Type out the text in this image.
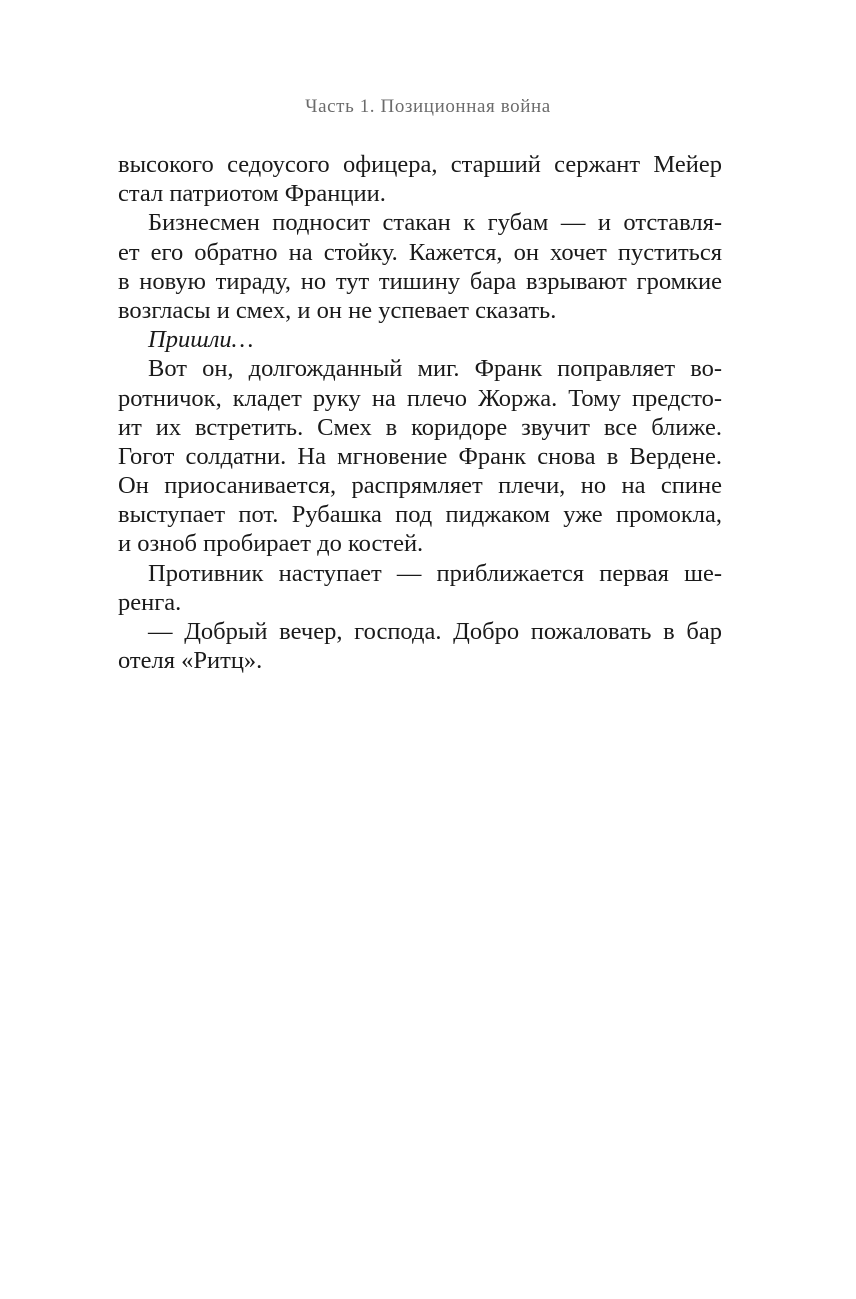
Часть 1. Позиционная война
высокого седоусого офицера, старший сержант Мейер
стал патриотом Франции.
Бизнесмен подносит стакан к губам — и отставля-
ет его обратно на стойку. Кажется, он хочет пуститься
в новую тираду, но тут тишину бара взрывают громкие
возгласы и смех, и он не успевает сказать.
Пришли…
Вот он, долгожданный миг. Франк поправляет во-
ротничок, кладет руку на плечо Жоржа. Тому предсто-
ит их встретить. Смех в коридоре звучит все ближе.
Гогот солдатни. На мгновение Франк снова в Вердене.
Он приосанивается, распрямляет плечи, но на спине
выступает пот. Рубашка под пиджаком уже промокла,
и озноб пробирает до костей.
Противник наступает — приближается первая ше-
ренга.
— Добрый вечер, господа. Добро пожаловать в бар
отеля «Ритц».
